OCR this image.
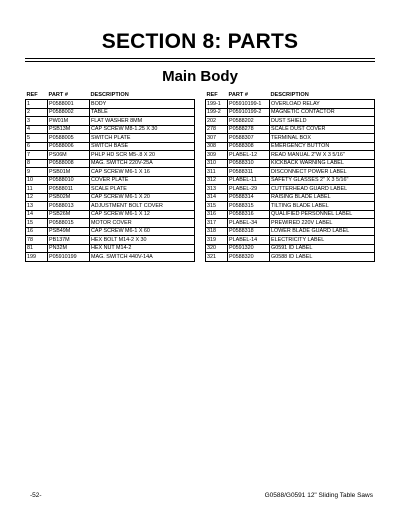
SECTION 8: PARTS
Main Body
REF	PART #	DESCRIPTION
1	P0588001	BODY
2	P0588002	TABLE
3	PW01M	FLAT WASHER 8MM
4	PSB13M	CAP SCREW M8-1.25 X 30
5	P0588005	SWITCH PLATE
6	P0588006	SWITCH BASE
7	PS06M	PHLP HD SCR M5-.8 X 20
8	P0588008	MAG. SWITCH 220V-25A
9	PSB01M	CAP SCREW M6-1 X 16
10	P0588010	COVER PLATE
11	P0588011	SCALE PLATE
12	PSB02M	CAP SCREW M6-1 X 20
13	P0588013	ADJUSTMENT BOLT COVER
14	PSB26M	CAP SCREW M6-1 X 12
15	P0588015	MOTOR COVER
16	PSB49M	CAP SCREW M6-1 X 60
78	PB137M	HEX BOLT M14-2 X 30
81	PN32M	HEX NUT M14-2
199	P05910199	MAG. SWITCH 440V-14A
REF	PART #	DESCRIPTION
199-1	P05910199-1	OVERLOAD RELAY
199-2	P05910199-2	MAGNETIC CONTACTOR
202	P0588202	DUST SHIELD
278	P0588278	SCALE DUST COVER
307	P0588307	TERMINAL BOX
308	P0588308	EMERGENCY BUTTON
309	PLABEL-12	READ MANUAL 2"W X 3 5/16"
310	P0588310	KICKBACK WARNING LABEL
311	P0588311	DISCONNECT POWER LABEL
312	PLABEL-11	SAFETY GLASSES 2" X 3 5/16"
313	PLABEL-29	CUTTERHEAD GUARD LABEL
314	P0588314	RAISING BLADE LABEL
315	P0588315	TILTING BLADE LABEL
316	P0588316	QUALIFIED PERSONNEL LABEL
317	PLABEL-34	PREWIRED 220V LABEL
318	P0588318	LOWER BLADE GUARD LABEL
319	PLABEL-14	ELECTRICITY LABEL
320	P0591320	G0591 ID LABEL
321	P0588320	G0588 ID LABEL
-52-	G0588/G0591 12" Sliding Table Saws
